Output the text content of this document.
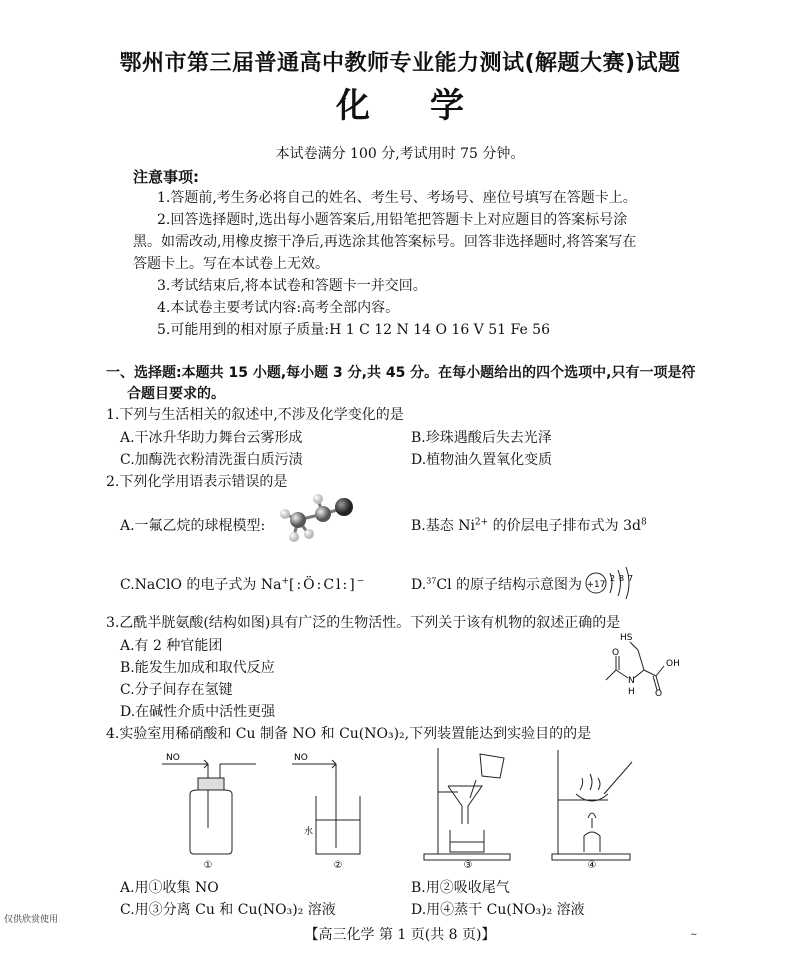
鄂州市第三届普通高中教师专业能力测试(解题大赛)试题
化学
本试卷满分 100 分,考试用时 75 分钟。
注意事项:
1.答题前,考生务必将自己的姓名、考生号、考场号、座位号填写在答题卡上。
2.回答选择题时,选出每小题答案后,用铅笔把答题卡上对应题目的答案标号涂
黑。如需改动,用橡皮擦干净后,再选涂其他答案标号。回答非选择题时,将答案写在
答题卡上。写在本试卷上无效。
3.考试结束后,将本试卷和答题卡一并交回。
4.本试卷主要考试内容:高考全部内容。
5.可能用到的相对原子质量:H 1 C 12 N 14 O 16 V 51 Fe 56
一、选择题:本题共 15 小题,每小题 3 分,共 45 分。在每小题给出的四个选项中,只有一项是符
合题目要求的。
1.下列与生活相关的叙述中,不涉及化学变化的是
A.干冰升华助力舞台云雾形成	B.珍珠遇酸后失去光泽
C.加酶洗衣粉清洗蛋白质污渍	D.植物油久置氧化变质
2.下列化学用语表示错误的是
A.一氟乙烷的球棍模型:	B.基态 $Ni^{2+}$ 的价层电子排布式为 $3d^8$
C.NaClO 的电子式为 Na+[:Ö:Cl:]−	D.$^{37}$Cl 的原子结构示意图为 +17
2 8 7
3.乙酰半胱氨酸(结构如图)具有广泛的生物活性。下列关于该有机物的叙述正确的是
A.有 2 种官能团
B.能发生加成和取代反应
C.分子间存在氢键
D.在碱性介质中活性更强
HS
O
N
H
OH
O
4.实验室用稀硝酸和 Cu 制备 NO 和 Cu(NO₃)₂,下列装置能达到实验目的的是
NO
①
NO
水
②	③	④
A.用①收集 NO	B.用②吸收尾气
C.用③分离 Cu 和 Cu(NO₃)₂ 溶液	D.用④蒸干 Cu(NO₃)₂ 溶液
仅供欣赏使用
【高三化学 第 1 页(共 8 页)】	~
